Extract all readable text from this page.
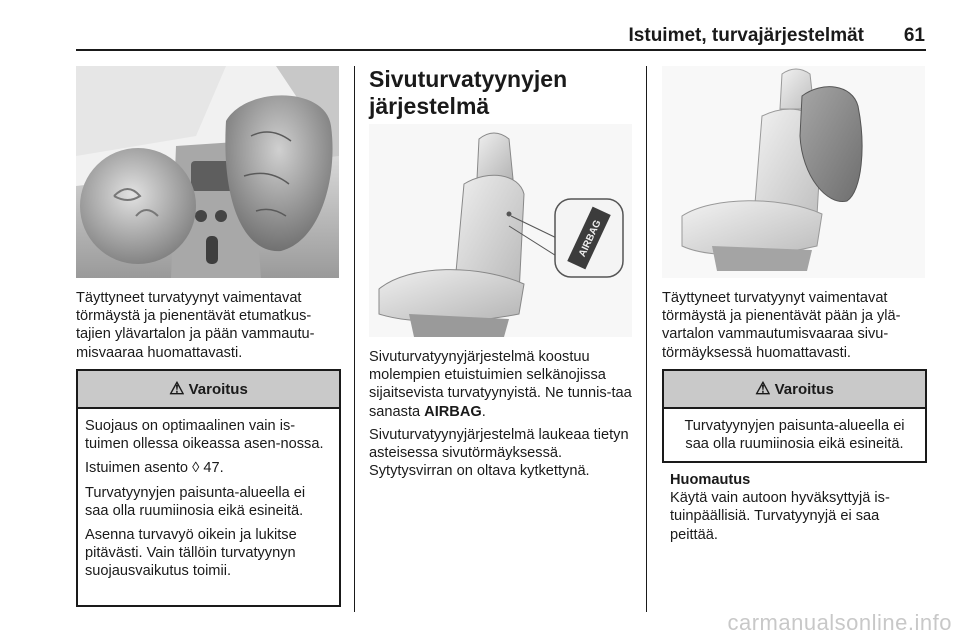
Istuimet, turvajärjestelmät 61

Täyttyneet turvatyynyt vaimentavat törmäystä ja pienentävät etumatkus-tajien ylävartalon ja pään vammautu-misvaaraa huomattavasti.

⚠ Varoitus

Suojaus on optimaalinen vain is-tuimen ollessa oikeassa asen-nossa.

Istuimen asento ◊ 47.

Turvatyynyjen paisunta-alueella ei saa olla ruumiinosia eikä esineitä.

Asenna turvavyö oikein ja lukitse pitävästi. Vain tällöin turvatyynyn suojausvaikutus toimii.

Sivuturvatyynyjen
järjestelmä
AIRBAG

Sivuturvatyynyjärjestelmä koostuu molempien etuistuimien selkänojissa sijaitsevista turvatyynyistä. Ne tunnis-taa sanasta AIRBAG.

Sivuturvatyynyjärjestelmä laukeaa tietyn asteisessa sivutörmäyksessä. Sytytysvirran on oltava kytkettynä.

Täyttyneet turvatyynyt vaimentavat törmäystä ja pienentävät pään ja ylä-vartalon vammautumisvaaraa sivu-törmäyksessä huomattavasti.

⚠ Varoitus

Turvatyynyjen paisunta-alueella ei saa olla ruumiinosia eikä esineitä.

Huomautus
Käytä vain autoon hyväksyttyjä is-tuinpäällisiä. Turvatyynyjä ei saa peittää.
carmanualsonline.info
